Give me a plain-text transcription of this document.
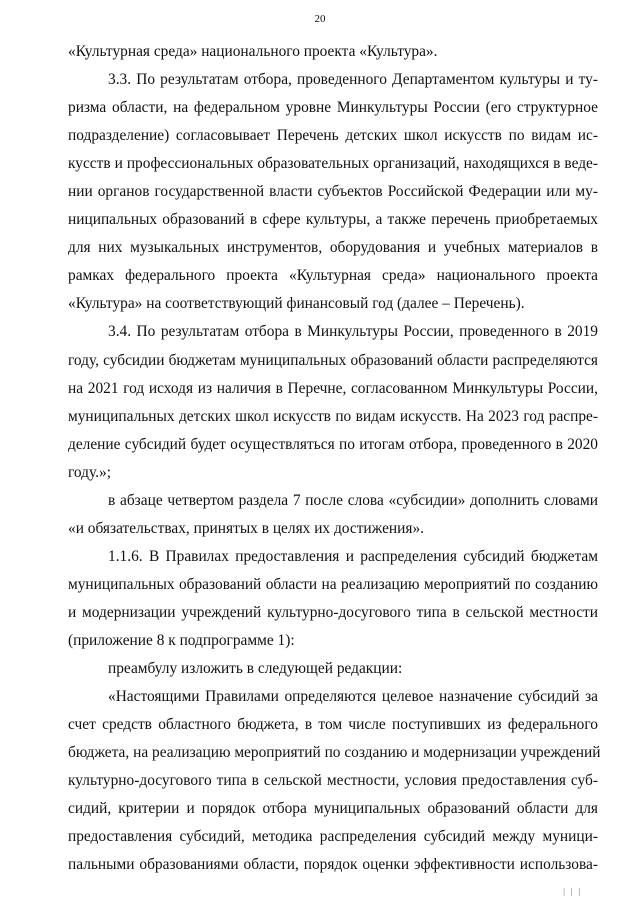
20
«Культурная среда» национального проекта «Культура».
3.3. По результатам отбора, проведенного Департаментом культуры и ту-
ризма области, на федеральном уровне Минкультуры России (его структурное
подразделение) согласовывает Перечень детских школ искусств по видам ис-
кусств и профессиональных образовательных организаций, находящихся в веде-
нии органов государственной власти субъектов Российской Федерации или му-
ниципальных образований в сфере культуры, а также перечень приобретаемых
для них музыкальных инструментов, оборудования и учебных материалов в
рамках федерального проекта «Культурная среда» национального проекта
«Культура» на соответствующий финансовый год (далее – Перечень).
3.4. По результатам отбора в Минкультуры России, проведенного в 2019
году, субсидии бюджетам муниципальных образований области распределяются
на 2021 год исходя из наличия в Перечне, согласованном Минкультуры России,
муниципальных детских школ искусств по видам искусств. На 2023 год распре-
деление субсидий будет осуществляться по итогам отбора, проведенного в 2020
году.»;
в абзаце четвертом раздела 7 после слова «субсидии» дополнить словами
«и обязательствах, принятых в целях их достижения».
1.1.6. В Правилах предоставления и распределения субсидий бюджетам
муниципальных образований области на реализацию мероприятий по созданию
и модернизации учреждений культурно-досугового типа в сельской местности
(приложение 8 к подпрограмме 1):
преамбулу изложить в следующей редакции:
«Настоящими Правилами определяются целевое назначение субсидий за
счет средств областного бюджета, в том числе поступивших из федерального
бюджета, на реализацию мероприятий по созданию и модернизации учреждений
культурно-досугового типа в сельской местности, условия предоставления суб-
сидий, критерии и порядок отбора муниципальных образований области для
предоставления субсидий, методика распределения субсидий между муници-
пальными образованиями области, порядок оценки эффективности использова-
| | |
